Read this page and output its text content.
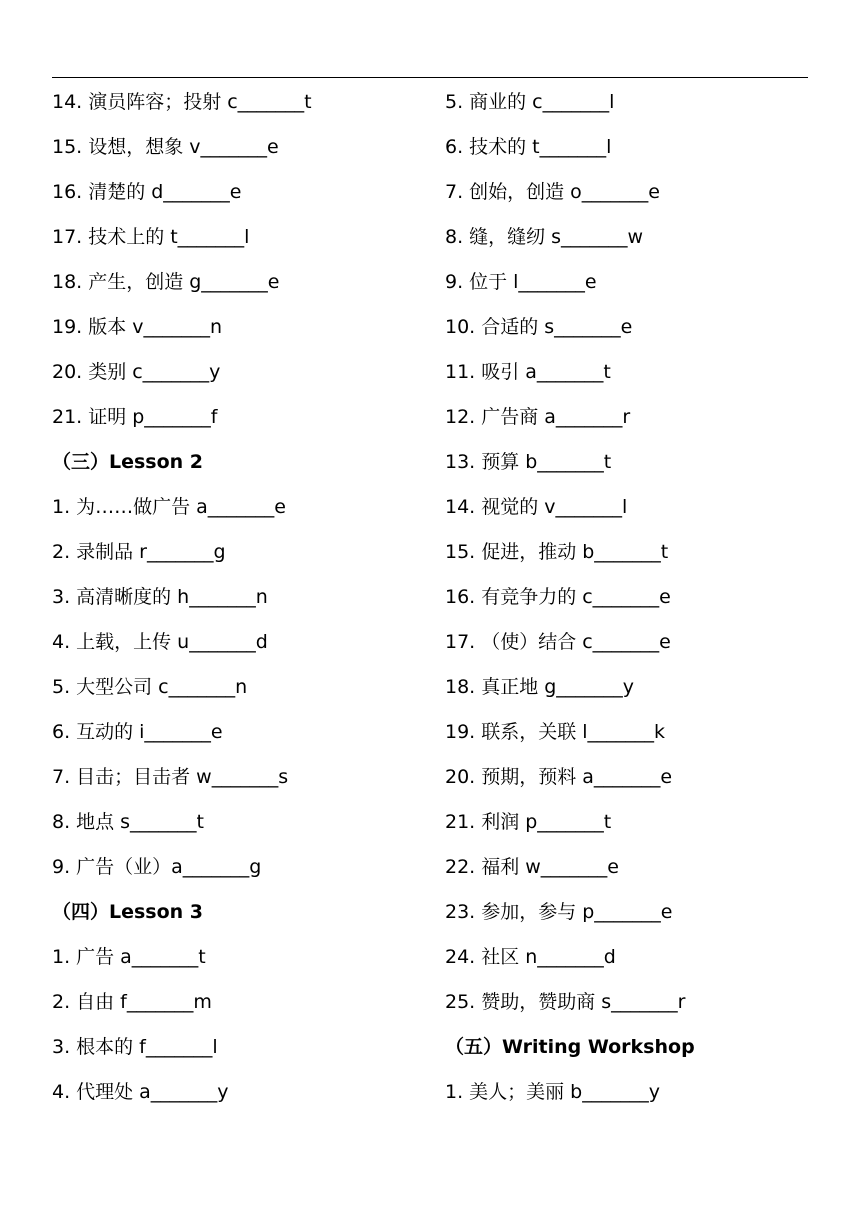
14. 演员阵容；投射 c_______t
15. 设想，想象 v_______e
16. 清楚的 d_______e
17. 技术上的 t_______l
18. 产生，创造 g_______e
19. 版本 v_______n
20. 类别 c_______y
21. 证明 p_______f
（三）Lesson 2
1. 为……做广告 a_______e
2. 录制品 r_______g
3. 高清晰度的 h_______n
4. 上载，上传 u_______d
5. 大型公司 c_______n
6. 互动的 i_______e
7. 目击；目击者 w_______s
8. 地点 s_______t
9. 广告（业）a_______g
（四）Lesson 3
1. 广告 a_______t
2. 自由 f_______m
3. 根本的 f_______l
4. 代理处 a_______y
5. 商业的 c_______l
6. 技术的 t_______l
7. 创始，创造 o_______e
8. 缝，缝纫 s_______w
9. 位于 l_______e
10. 合适的 s_______e
11. 吸引 a_______t
12. 广告商 a_______r
13. 预算 b_______t
14. 视觉的 v_______l
15. 促进，推动 b_______t
16. 有竞争力的 c_______e
17. （使）结合 c_______e
18. 真正地 g_______y
19. 联系，关联 l_______k
20. 预期，预料 a_______e
21. 利润 p_______t
22. 福利 w_______e
23. 参加，参与 p_______e
24. 社区 n_______d
25. 赞助，赞助商 s_______r
（五）Writing Workshop
1. 美人；美丽 b_______y
